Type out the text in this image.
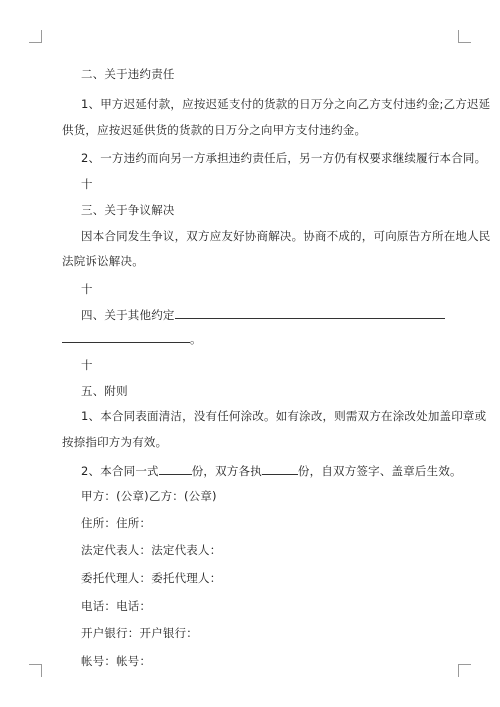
二、关于违约责任
1、甲方迟延付款，应按迟延支付的货款的日万分之向乙方支付违约金;乙方迟延
供货，应按迟延供货的货款的日万分之向甲方支付违约金。
2、一方违约而向另一方承担违约责任后，另一方仍有权要求继续履行本合同。
十
三、关于争议解决
因本合同发生争议，双方应友好协商解决。协商不成的，可向原告方所在地人民
法院诉讼解决。
十
四、关于其他约定
。
十
五、附则
1、本合同表面清洁，没有任何涂改。如有涂改，则需双方在涂改处加盖印章或
按捺指印方为有效。
2、本合同一式	份，双方各执	份，自双方签字、盖章后生效。
甲方：(公章)乙方：(公章)
住所：住所：
法定代表人：法定代表人：
委托代理人：委托代理人：
电话：电话：
开户银行：开户银行：
帐号：帐号：
